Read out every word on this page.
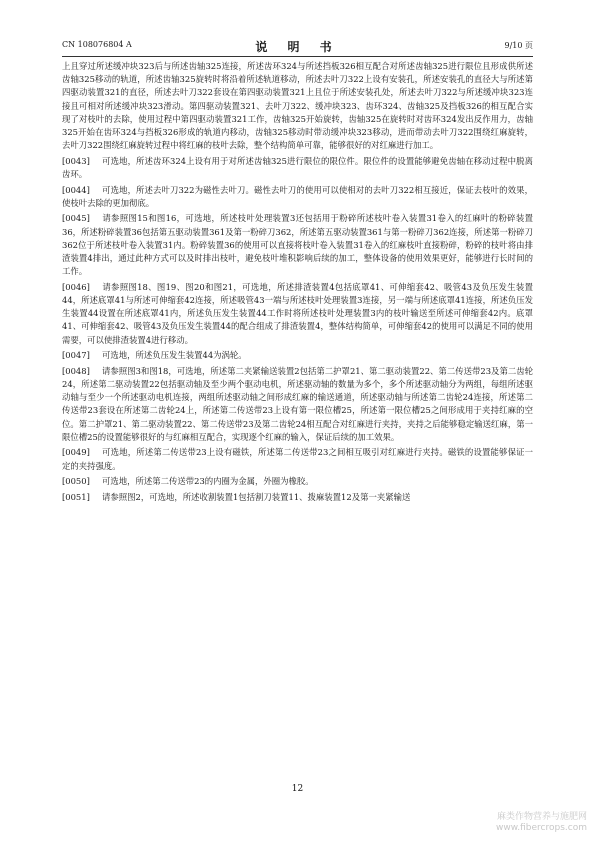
CN 108076804 A	说 明 书	9/10 页

上且穿过所述缓冲块323后与所述齿轴325连接，所述齿环324与所述挡板326相互配合对所述齿轴325进行限位且形成供所述齿轴325移动的轨道，所述齿轴325旋转时将沿着所述轨道移动，所述去叶刀322上设有安装孔，所述安装孔的直径大与所述第四驱动装置321的直径，所述去叶刀322套设在第四驱动装置321上且位于所述安装孔处，所述去叶刀322与所述缓冲块323连接且可相对所述缓冲块323滑动。第四驱动装置321、去叶刀322、缓冲块323、齿环324、齿轴325及挡板326的相互配合实现了对枝叶的去除，使用过程中第四驱动装置321工作，齿轴325开始旋转，齿轴325在旋转时对齿环324发出反作用力，齿轴325开始在齿环324与挡板326形成的轨道内移动，齿轴325移动时带动缓冲块323移动，进而带动去叶刀322围绕红麻旋转，去叶刀322围绕红麻旋转过程中将红麻的枝叶去除，整个结构简单可靠，能够很好的对红麻进行加工。

[0043] 可选地，所述齿环324上设有用于对所述齿轴325进行限位的限位件。限位件的设置能够避免齿轴在移动过程中脱离齿环。

[0044] 可选地，所述去叶刀322为磁性去叶刀。磁性去叶刀的使用可以使相对的去叶刀322相互接近，保证去枝叶的效果，使枝叶去除的更加彻底。

[0045] 请参照图15和图16，可选地，所述枝叶处理装置3还包括用于粉碎所述枝叶卷入装置31卷入的红麻叶的粉碎装置36，所述粉碎装置36包括第五驱动装置361及第一粉碎刀362，所述第五驱动装置361与第一粉碎刀362连接，所述第一粉碎刀362位于所述枝叶卷入装置31内。粉碎装置36的使用可以直接将枝叶卷入装置31卷入的红麻枝叶直接粉碎，粉碎的枝叶将由排渣装置4排出，通过此种方式可以及时排出枝叶，避免枝叶堆积影响后续的加工，整体设备的使用效果更好，能够进行长时间的工作。

[0046] 请参照图18、图19、图20和图21，可选地，所述排渣装置4包括底罩41、可伸缩套42、吸管43及负压发生装置44，所述底罩41与所述可伸缩套42连接，所述吸管43一端与所述枝叶处理装置3连接，另一端与所述底罩41连接，所述负压发生装置44设置在所述底罩41内，所述负压发生装置44工作时将所述枝叶处理装置3内的枝叶输送至所述可伸缩套42内。底罩41、可伸缩套42、吸管43及负压发生装置44的配合组成了排渣装置4，整体结构简单，可伸缩套42的使用可以满足不同的使用需要，可以使排渣装置4进行移动。

[0047] 可选地，所述负压发生装置44为涡轮。

[0048] 请参照图3和图18，可选地，所述第二夹紧输送装置2包括第二护罩21、第二驱动装置22、第二传送带23及第二齿轮24，所述第二驱动装置22包括驱动轴及至少两个驱动电机，所述驱动轴的数量为多个，多个所述驱动轴分为两组，每组所述驱动轴与至少一个所述驱动电机连接，两组所述驱动轴之间形成红麻的输送通道，所述驱动轴与所述第二齿轮24连接，所述第二传送带23套设在所述第二齿轮24上，所述第二传送带23上设有第一限位槽25，所述第一限位槽25之间形成用于夹持红麻的空位。第二护罩21、第二驱动装置22、第二传送带23及第二齿轮24相互配合对红麻进行夹持，夹持之后能够稳定输送红麻，第一限位槽25的设置能够很好的与红麻相互配合，实现逐个红麻的输入，保证后续的加工效果。

[0049] 可选地，所述第二传送带23上设有磁铁，所述第二传送带23之间相互吸引对红麻进行夹持。磁铁的设置能够保证一定的夹持强度。

[0050] 可选地，所述第二传送带23的内圈为金属，外圈为橡胶。

[0051] 请参照图2，可选地，所述收割装置1包括割刀装置11、拨麻装置12及第一夹紧输送

12
麻类作物营养与施肥网
www.fibercrops.com
